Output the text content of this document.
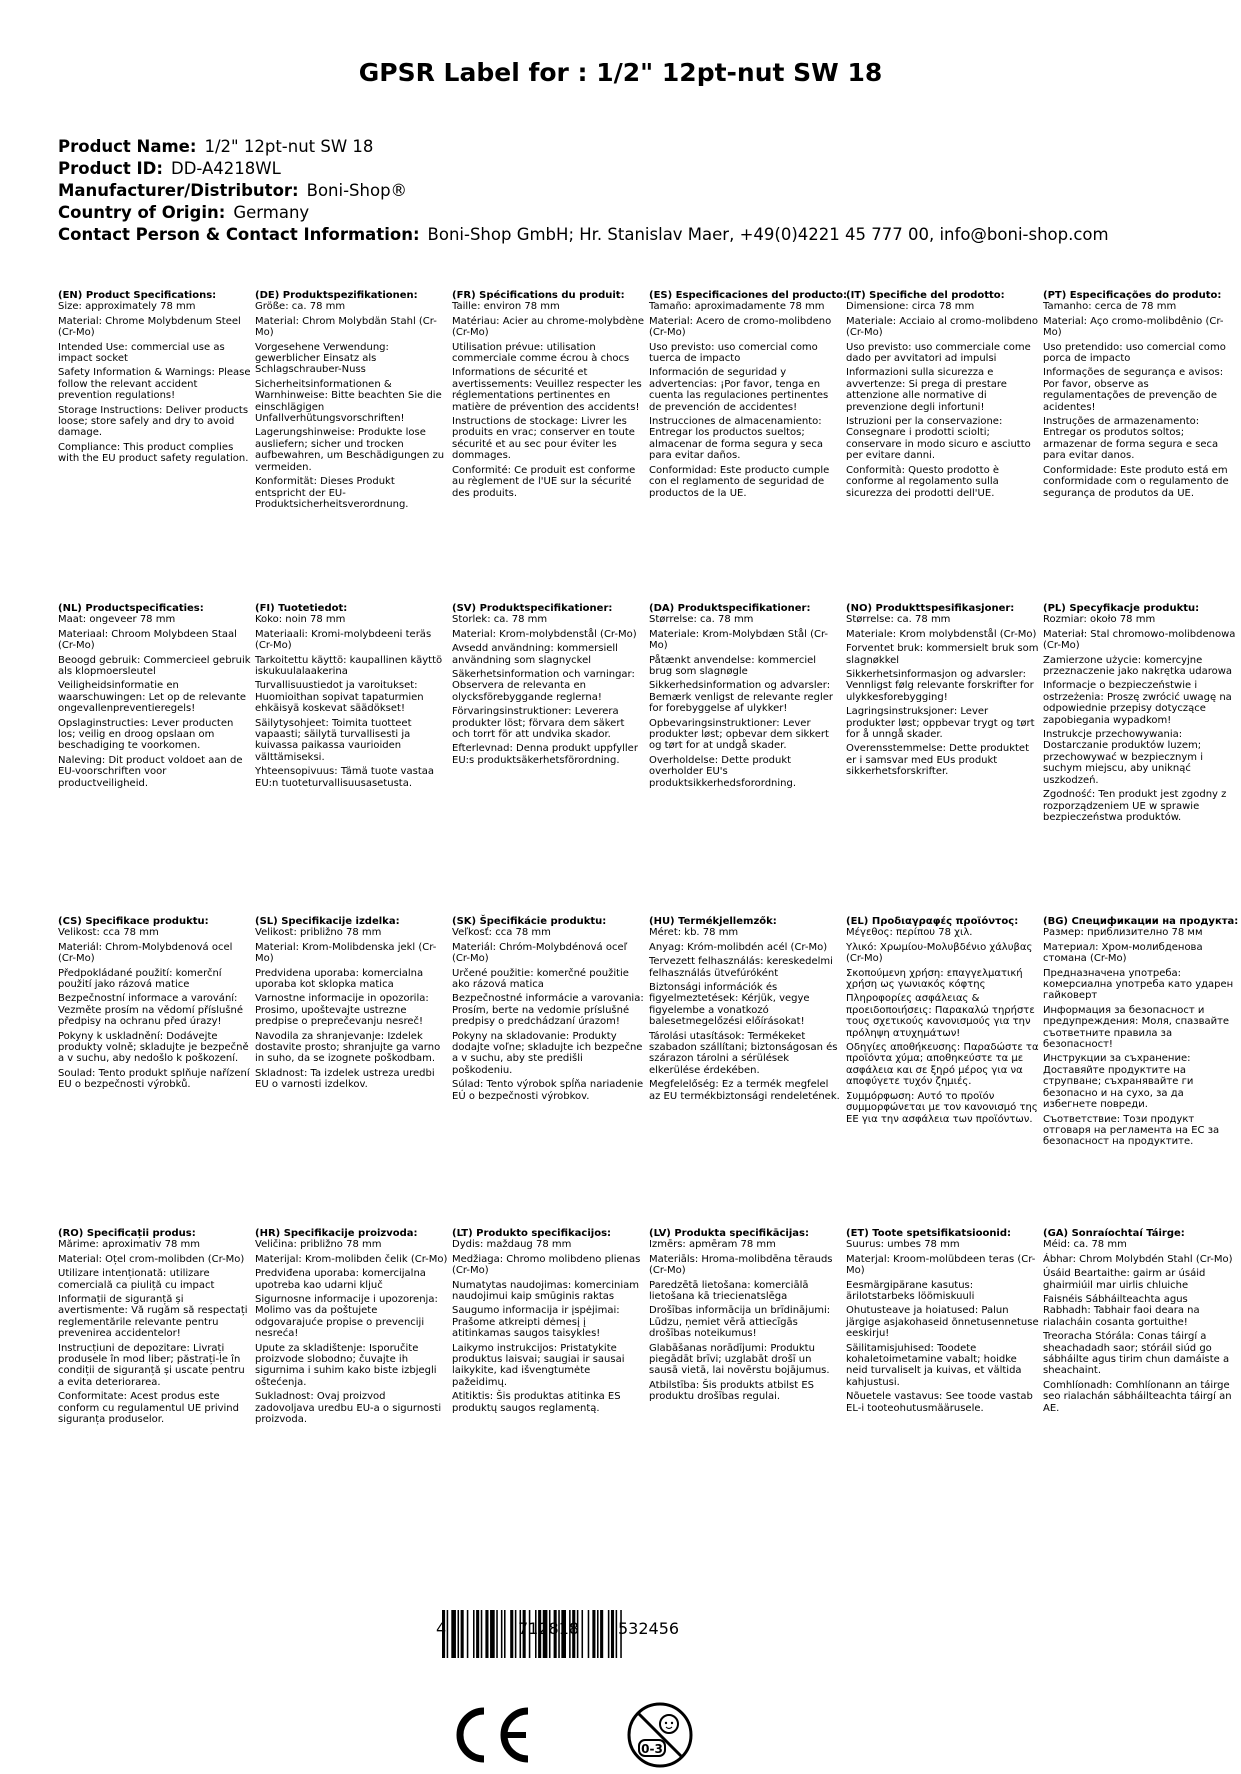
GPSR Label for : 1/2" 12pt-nut SW 18
Product Name: 1/2" 12pt-nut SW 18
Product ID: DD-A4218WL
Manufacturer/Distributor: Boni-Shop®
Country of Origin: Germany
Contact Person & Contact Information: Boni-Shop GmbH; Hr. Stanislav Maer, +49(0)4221 45 777 00, info@boni-shop.com
(EN) Product Specifications:
Size: approximately 78 mm
Material: Chrome Molybdenum Steel (Cr-Mo)
Intended Use: commercial use as impact socket
Safety Information & Warnings: Please follow the relevant accident prevention regulations!
Storage Instructions: Deliver products loose; store safely and dry to avoid damage.
Compliance: This product complies with the EU product safety regulation.
(DE) Produktspezifikationen:
Größe: ca. 78 mm
Material: Chrom Molybdän Stahl (Cr-Mo)
Vorgesehene Verwendung: gewerblicher Einsatz als Schlagschrauber-Nuss
Sicherheitsinformationen & Warnhinweise: Bitte beachten Sie die einschlägigen Unfallverhütungsvorschriften!
Lagerungshinweise: Produkte lose ausliefern; sicher und trocken aufbewahren, um Beschädigungen zu vermeiden.
Konformität: Dieses Produkt entspricht der EU-Produktsicherheitsverordnung.
(FR) Spécifications du produit:
Taille: environ 78 mm
Matériau: Acier au chrome-molybdène (Cr-Mo)
Utilisation prévue: utilisation commerciale comme écrou à chocs
Informations de sécurité et avertissements: Veuillez respecter les réglementations pertinentes en matière de prévention des accidents!
Instructions de stockage: Livrer les produits en vrac; conserver en toute sécurité et au sec pour éviter les dommages.
Conformité: Ce produit est conforme au règlement de l'UE sur la sécurité des produits.
(ES) Especificaciones del producto:
Tamaño: aproximadamente 78 mm
Material: Acero de cromo-molibdeno (Cr-Mo)
Uso previsto: uso comercial como tuerca de impacto
Información de seguridad y advertencias: ¡Por favor, tenga en cuenta las regulaciones pertinentes de prevención de accidentes!
Instrucciones de almacenamiento: Entregar los productos sueltos; almacenar de forma segura y seca para evitar daños.
Conformidad: Este producto cumple con el reglamento de seguridad de productos de la UE.
(IT) Specifiche del prodotto:
Dimensione: circa 78 mm
Materiale: Acciaio al cromo-molibdeno (Cr-Mo)
Uso previsto: uso commerciale come dado per avvitatori ad impulsi
Informazioni sulla sicurezza e avvertenze: Si prega di prestare attenzione alle normative di prevenzione degli infortuni!
Istruzioni per la conservazione: Consegnare i prodotti sciolti; conservare in modo sicuro e asciutto per evitare danni.
Conformità: Questo prodotto è conforme al regolamento sulla sicurezza dei prodotti dell'UE.
(PT) Especificações do produto:
Tamanho: cerca de 78 mm
Material: Aço cromo-molibdênio (Cr-Mo)
Uso pretendido: uso comercial como porca de impacto
Informações de segurança e avisos: Por favor, observe as regulamentações de prevenção de acidentes!
Instruções de armazenamento: Entregar os produtos soltos; armazenar de forma segura e seca para evitar danos.
Conformidade: Este produto está em conformidade com o regulamento de segurança de produtos da UE.
(NL) Productspecificaties:
Maat: ongeveer 78 mm
Materiaal: Chroom Molybdeen Staal (Cr-Mo)
Beoogd gebruik: Commercieel gebruik als klopmoersleutel
Veiligheidsinformatie en waarschuwingen: Let op de relevante ongevallenpreventieregels!
Opslaginstructies: Lever producten los; veilig en droog opslaan om beschadiging te voorkomen.
Naleving: Dit product voldoet aan de EU-voorschriften voor productveiligheid.
(FI) Tuotetiedot:
Koko: noin 78 mm
Materiaali: Kromi-molybdeeni teräs (Cr-Mo)
Tarkoitettu käyttö: kaupallinen käyttö iskukuulalaakerina
Turvallisuustiedot ja varoitukset: Huomioithan sopivat tapaturmien ehkäisyä koskevat säädökset!
Säilytysohjeet: Toimita tuotteet vapaasti; säilytä turvallisesti ja kuivassa paikassa vaurioiden välttämiseksi.
Yhteensopivuus: Tämä tuote vastaa EU:n tuoteturvallisuusasetusta.
(SV) Produktspecifikationer:
Storlek: ca. 78 mm
Material: Krom-molybdenstål (Cr-Mo)
Avsedd användning: kommersiell användning som slagnyckel
Säkerhetsinformation och varningar: Observera de relevanta en olycksförebyggande reglerna!
Förvaringsinstruktioner: Leverera produkter löst; förvara dem säkert och torrt för att undvika skador.
Efterlevnad: Denna produkt uppfyller EU:s produktsäkerhetsförordning.
(DA) Produktspecifikationer:
Størrelse: ca. 78 mm
Materiale: Krom-Molybdæn Stål (Cr-Mo)
Påtænkt anvendelse: kommerciel brug som slagnøgle
Sikkerhedsinformation og advarsler: Bemærk venligst de relevante regler for forebyggelse af ulykker!
Opbevaringsinstruktioner: Lever produkter løst; opbevar dem sikkert og tørt for at undgå skader.
Overholdelse: Dette produkt overholder EU's produktsikkerhedsforordning.
(NO) Produkttspesifikasjoner:
Størrelse: ca. 78 mm
Materiale: Krom molybdenstål (Cr-Mo)
Forventet bruk: kommersielt bruk som slagnøkkel
Sikkerhetsinformasjon og advarsler: Vennligst følg relevante forskrifter for ulykkesforebygging!
Lagringsinstruksjoner: Lever produkter løst; oppbevar trygt og tørt for å unngå skader.
Overensstemmelse: Dette produktet er i samsvar med EUs produkt sikkerhetsforskrifter.
(PL) Specyfikacje produktu:
Rozmiar: około 78 mm
Materiał: Stal chromowo-molibdenowa (Cr-Mo)
Zamierzone użycie: komercyjne przeznaczenie jako nakrętka udarowa
Informacje o bezpieczeństwie i ostrzeżenia: Proszę zwrócić uwagę na odpowiednie przepisy dotyczące zapobiegania wypadkom!
Instrukcje przechowywania: Dostarczanie produktów luzem; przechowywać w bezpiecznym i suchym miejscu, aby uniknąć uszkodzeń.
Zgodność: Ten produkt jest zgodny z rozporządzeniem UE w sprawie bezpieczeństwa produktów.
(CS) Specifikace produktu:
Velikost: cca 78 mm
Materiál: Chrom-Molybdenová ocel (Cr-Mo)
Předpokládané použití: komerční použití jako rázová matice
Bezpečnostní informace a varování: Vezměte prosím na vědomí příslušné předpisy na ochranu před úrazy!
Pokyny k uskladnění: Dodávejte produkty volně; skladujte je bezpečně a v suchu, aby nedošlo k poškození.
Soulad: Tento produkt splňuje nařízení EU o bezpečnosti výrobků.
(SL) Specifikacije izdelka:
Velikost: približno 78 mm
Material: Krom-Molibdenska jekl (Cr-Mo)
Predvidena uporaba: komercialna uporaba kot sklopka matica
Varnostne informacije in opozorila: Prosimo, upoštevajte ustrezne predpise o preprečevanju nesreč!
Navodila za shranjevanje: Izdelek dostavite prosto; shranjujte ga varno in suho, da se izognete poškodbam.
Skladnost: Ta izdelek ustreza uredbi EU o varnosti izdelkov.
(SK) Špecifikácie produktu:
Veľkosť: cca 78 mm
Materiál: Chróm-Molybdénová oceľ (Cr-Mo)
Určené použitie: komerčné použitie ako rázová matica
Bezpečnostné informácie a varovania: Prosím, berte na vedomie príslušné predpisy o predchádzaní úrazom!
Pokyny na skladovanie: Produkty dodajte voľne; skladujte ich bezpečne a v suchu, aby ste predišli poškodeniu.
Súlad: Tento výrobok spĺňa nariadenie EÚ o bezpečnosti výrobkov.
(HU) Termékjellemzők:
Méret: kb. 78 mm
Anyag: Króm-molibdén acél (Cr-Mo)
Tervezett felhasználás: kereskedelmi felhasználás ütvefúróként
Biztonsági információk és figyelmeztetések: Kérjük, vegye figyelembe a vonatkozó balesetmegelőzési előírásokat!
Tárolási utasítások: Termékeket szabadon szállítani; biztonságosan és szárazon tárolni a sérülések elkerülése érdekében.
Megfelelőség: Ez a termék megfelel az EU termékbiztonsági rendeletének.
(EL) Προδιαγραφές προϊόντος:
Μέγεθος: περίπου 78 χιλ.
Υλικό: Χρωμίου-Μολυβδένιο χάλυβας (Cr-Mo)
Σκοπούμενη χρήση: επαγγελματική χρήση ως γωνιακός κόφτης
Πληροφορίες ασφάλειας & προειδοποιήσεις: Παρακαλώ τηρήστε τους σχετικούς κανονισμούς για την πρόληψη ατυχημάτων!
Οδηγίες αποθήκευσης: Παραδώστε τα προϊόντα χύμα; αποθηκεύστε τα με ασφάλεια και σε ξηρό μέρος για να αποφύγετε τυχόν ζημιές.
Συμμόρφωση: Αυτό το προϊόν συμμορφώνεται με τον κανονισμό της ΕΕ για την ασφάλεια των προϊόντων.
(BG) Спецификации на продукта:
Размер: приблизително 78 мм
Материал: Хром-молибденова стомана (Cr-Mo)
Предназначена употреба: комерсиална употреба като ударен гайковерт
Информация за безопасност и предупреждения: Моля, спазвайте съответните правила за безопасност!
Инструкции за съхранение: Доставяйте продуктите на струпване; съхранявайте ги безопасно и на сухо, за да избегнете повреди.
Съответствие: Този продукт отговаря на регламента на ЕС за безопасност на продуктите.
(RO) Specificații produs:
Mărime: aproximativ 78 mm
Material: Oțel crom-molibden (Cr-Mo)
Utilizare intenționată: utilizare comercială ca piuliță cu impact
Informații de siguranță și avertismente: Vă rugăm să respectați reglementările relevante pentru prevenirea accidentelor!
Instrucțiuni de depozitare: Livrați produsele în mod liber; păstrați-le în condiții de siguranță și uscate pentru a evita deteriorarea.
Conformitate: Acest produs este conform cu regulamentul UE privind siguranța produselor.
(HR) Specifikacije proizvoda:
Veličina: približno 78 mm
Materijal: Krom-molibden čelik (Cr-Mo)
Predviđena uporaba: komercijalna upotreba kao udarni ključ
Sigurnosne informacije i upozorenja: Molimo vas da poštujete odgovarajuće propise o prevenciji nesreća!
Upute za skladištenje: Isporučite proizvode slobodno; čuvajte ih sigurnima i suhim kako biste izbjegli oštećenja.
Sukladnost: Ovaj proizvod zadovoljava uredbu EU-a o sigurnosti proizvoda.
(LT) Produkto specifikacijos:
Dydis: maždaug 78 mm
Medžiaga: Chromo molibdeno plienas (Cr-Mo)
Numatytas naudojimas: komerciniam naudojimui kaip smūginis raktas
Saugumo informacija ir įspėjimai: Prašome atkreipti dėmesį į atitinkamas saugos taisykles!
Laikymo instrukcijos: Pristatykite produktus laisvai; saugiai ir sausai laikykite, kad išvengtumėte pažeidimų.
Atitiktis: Šis produktas atitinka ES produktų saugos reglamentą.
(LV) Produkta specifikācijas:
Izmērs: apmēram 78 mm
Materiāls: Hroma-molibdēna tērauds (Cr-Mo)
Paredzētā lietošana: komerciālā lietošana kā triecienatslēga
Drošības informācija un brīdinājumi: Lūdzu, ņemiet vērā attiecīgās drošības noteikumus!
Glabāšanas norādījumi: Produktu piegādāt brīvi; uzglabāt drošī un sausā vietā, lai novērstu bojājumus.
Atbilstība: Šis produkts atbilst ES produktu drošības regulai.
(ET) Toote spetsifikatsioonid:
Suurus: umbes 78 mm
Materjal: Kroom-molübdeen teras (Cr-Mo)
Eesmärgipärane kasutus: ärilotstarbeks löömiskuuli
Ohutusteave ja hoiatused: Palun järgige asjakohaseid õnnetusennetuse eeskirju!
Säilitamisjuhised: Toodete kohaletoimetamine vabalt; hoidke neid turvaliselt ja kuivas, et vältida kahjustusi.
Nõuetele vastavus: See toode vastab EL-i tooteohutusmäärusele.
(GA) Sonraíochtaí Táirge:
Méid: ca. 78 mm
Ábhar: Chrom Molybdén Stahl (Cr-Mo)
Úsáid Beartaithe: gairm ar úsáid ghairmiúil mar uirlis chluiche
Faisnéis Sábháilteachta agus Rabhadh: Tabhair faoi deara na rialacháin cosanta gortuithe!
Treoracha Stórála: Conas táirgí a sheachadadh saor; stóráil siúd go sábháilte agus tirim chun damáiste a sheachaint.
Comhlíonadh: Comhlíonann an táirge seo rialachán sábháilteachta táirgí an AE.
4	712818 532456
0-3
